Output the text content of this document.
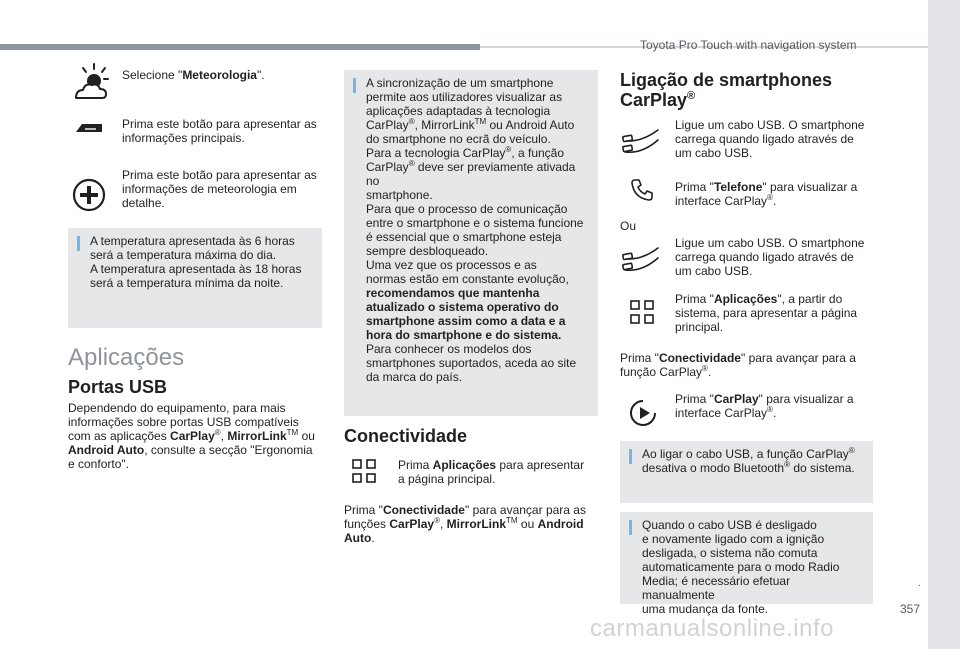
Toyota Pro Touch with navigation system
.
357
carmanualsonline.info
Selecione "Meteorologia".
Prima este botão para apresentar as informações principais.
Prima este botão para apresentar as informações de meteorologia em detalhe.
A temperatura apresentada às 6 horas
será a temperatura máxima do dia.
A temperatura apresentada às 18 horas
será a temperatura mínima da noite.
Aplicações
Portas USB
Dependendo do equipamento, para mais
informações sobre portas USB compatíveis
com as aplicações CarPlay®, MirrorLink™ ou
Android Auto, consulte a secção "Ergonomia
e conforto".
A sincronização de um smartphone
permite aos utilizadores visualizar as
aplicações adaptadas à tecnologia
CarPlay®, MirrorLink™ ou Android Auto
do smartphone no ecrã do veículo.
Para a tecnologia CarPlay®, a função
CarPlay® deve ser previamente ativada no
smartphone.
Para que o processo de comunicação
entre o smartphone e o sistema funcione
é essencial que o smartphone esteja
sempre desbloqueado.
Uma vez que os processos e as
normas estão em constante evolução,
recomendamos que mantenha
atualizado o sistema operativo do
smartphone assim como a data e a
hora do smartphone e do sistema.
Para conhecer os modelos dos
smartphones suportados, aceda ao site
da marca do país.
Conectividade
Prima Aplicações para apresentar
a página principal.
Prima "Conectividade" para avançar para as
funções CarPlay®, MirrorLink™ ou Android
Auto.
Ligação de smartphones
CarPlay®
Ligue um cabo USB. O smartphone
carrega quando ligado através de
um cabo USB.
Prima "Telefone" para visualizar a
interface CarPlay®.
Ou
Ligue um cabo USB. O smartphone
carrega quando ligado através de
um cabo USB.
Prima "Aplicações", a partir do
sistema, para apresentar a página
principal.
Prima "Conectividade" para avançar para a
função CarPlay®.
Prima "CarPlay" para visualizar a
interface CarPlay®.
Ao ligar o cabo USB, a função CarPlay®
desativa o modo Bluetooth® do sistema.
Quando o cabo USB é desligado
e novamente ligado com a ignição
desligada, o sistema não comuta
automaticamente para o modo Radio
Media; é necessário efetuar manualmente
uma mudança da fonte.
